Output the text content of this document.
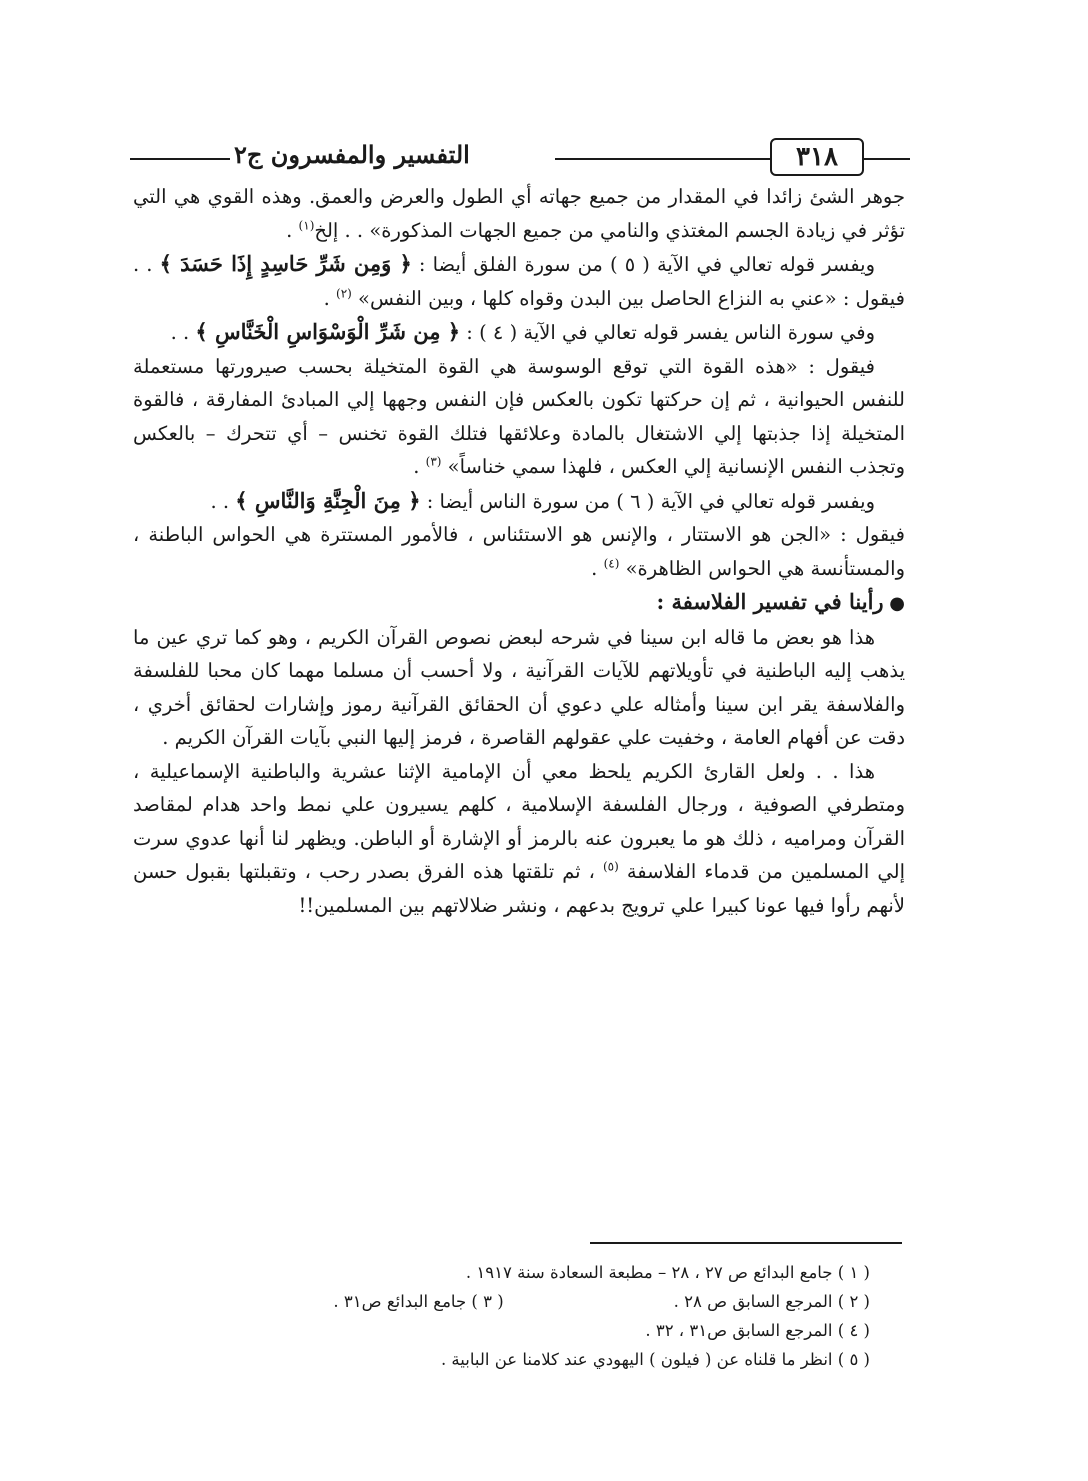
التفسير والمفسرون ج٢	٣١٨

جوهر الشئ زائدا في المقدار من جميع جهاته أي الطول والعرض والعمق. وهذه القوي هي التي تؤثر في زيادة الجسم المغتذي والنامي من جميع الجهات المذكورة» . . إلخ$^{(١)}$ .

ويفسر قوله تعالي في الآية ( ٥ ) من سورة الفلق أيضا : ﴿ وَمِن شَرِّ حَاسِدٍ إِذَا حَسَدَ ﴾ . . فيقول : «عني به النزاع الحاصل بين البدن وقواه كلها ، وبين النفس» $^{(٢)}$ .

وفي سورة الناس يفسر قوله تعالي في الآية ( ٤ ) : ﴿ مِن شَرِّ الْوَسْوَاسِ الْخَنَّاسِ ﴾ . .

فيقول : «هذه القوة التي توقع الوسوسة هي القوة المتخيلة بحسب صيرورتها مستعملة للنفس الحيوانية ، ثم إن حركتها تكون بالعكس فإن النفس وجهها إلي المبادئ المفارقة ، فالقوة المتخيلة إذا جذبتها إلي الاشتغال بالمادة وعلائقها فتلك القوة تخنس – أي تتحرك – بالعكس وتجذب النفس الإنسانية إلي العكس ، فلهذا سمي خناساً» $^{(٣)}$ .

ويفسر قوله تعالي في الآية ( ٦ ) من سورة الناس أيضا : ﴿ مِنَ الْجِنَّةِ وَالنَّاسِ ﴾ . .

فيقول : «الجن هو الاستتار ، والإنس هو الاستئناس ، فالأمور المستترة هي الحواس الباطنة ، والمستأنسة هي الحواس الظاهرة» $^{(٤)}$ .

● رأينا في تفسير الفلاسفة :

هذا هو بعض ما قاله ابن سينا في شرحه لبعض نصوص القرآن الكريم ، وهو كما تري عين ما يذهب إليه الباطنية في تأويلاتهم للآيات القرآنية ، ولا أحسب أن مسلما مهما كان محبا للفلسفة والفلاسفة يقر ابن سينا وأمثاله علي دعوي أن الحقائق القرآنية رموز وإشارات لحقائق أخري ، دقت عن أفهام العامة ، وخفيت علي عقولهم القاصرة ، فرمز إليها النبي بآيات القرآن الكريم .

هذا . . ولعل القارئ الكريم يلحظ معي أن الإمامية الإثنا عشرية والباطنية الإسماعيلية ، ومتطرفي الصوفية ، ورجال الفلسفة الإسلامية ، كلهم يسيرون علي نمط واحد هدام لمقاصد القرآن ومراميه ، ذلك هو ما يعبرون عنه بالرمز أو الإشارة أو الباطن. ويظهر لنا أنها عدوي سرت إلي المسلمين من قدماء الفلاسفة $^{(٥)}$ ، ثم تلقتها هذه الفرق بصدر رحب ، وتقبلتها بقبول حسن لأنهم رأوا فيها عونا كبيرا علي ترويج بدعهم ، ونشر ضلالاتهم بين المسلمين!!

( ١ ) جامع البدائع ص ٢٧ ، ٢٨ – مطبعة السعادة سنة ١٩١٧ .
( ٢ ) المرجع السابق ص ٢٨ .
( ٣ ) جامع البدائع ص٣١ .
( ٤ ) المرجع السابق ص٣١ ، ٣٢ .
( ٥ ) انظر ما قلناه عن ( فيلون ) اليهودي عند كلامنا عن البابية .
